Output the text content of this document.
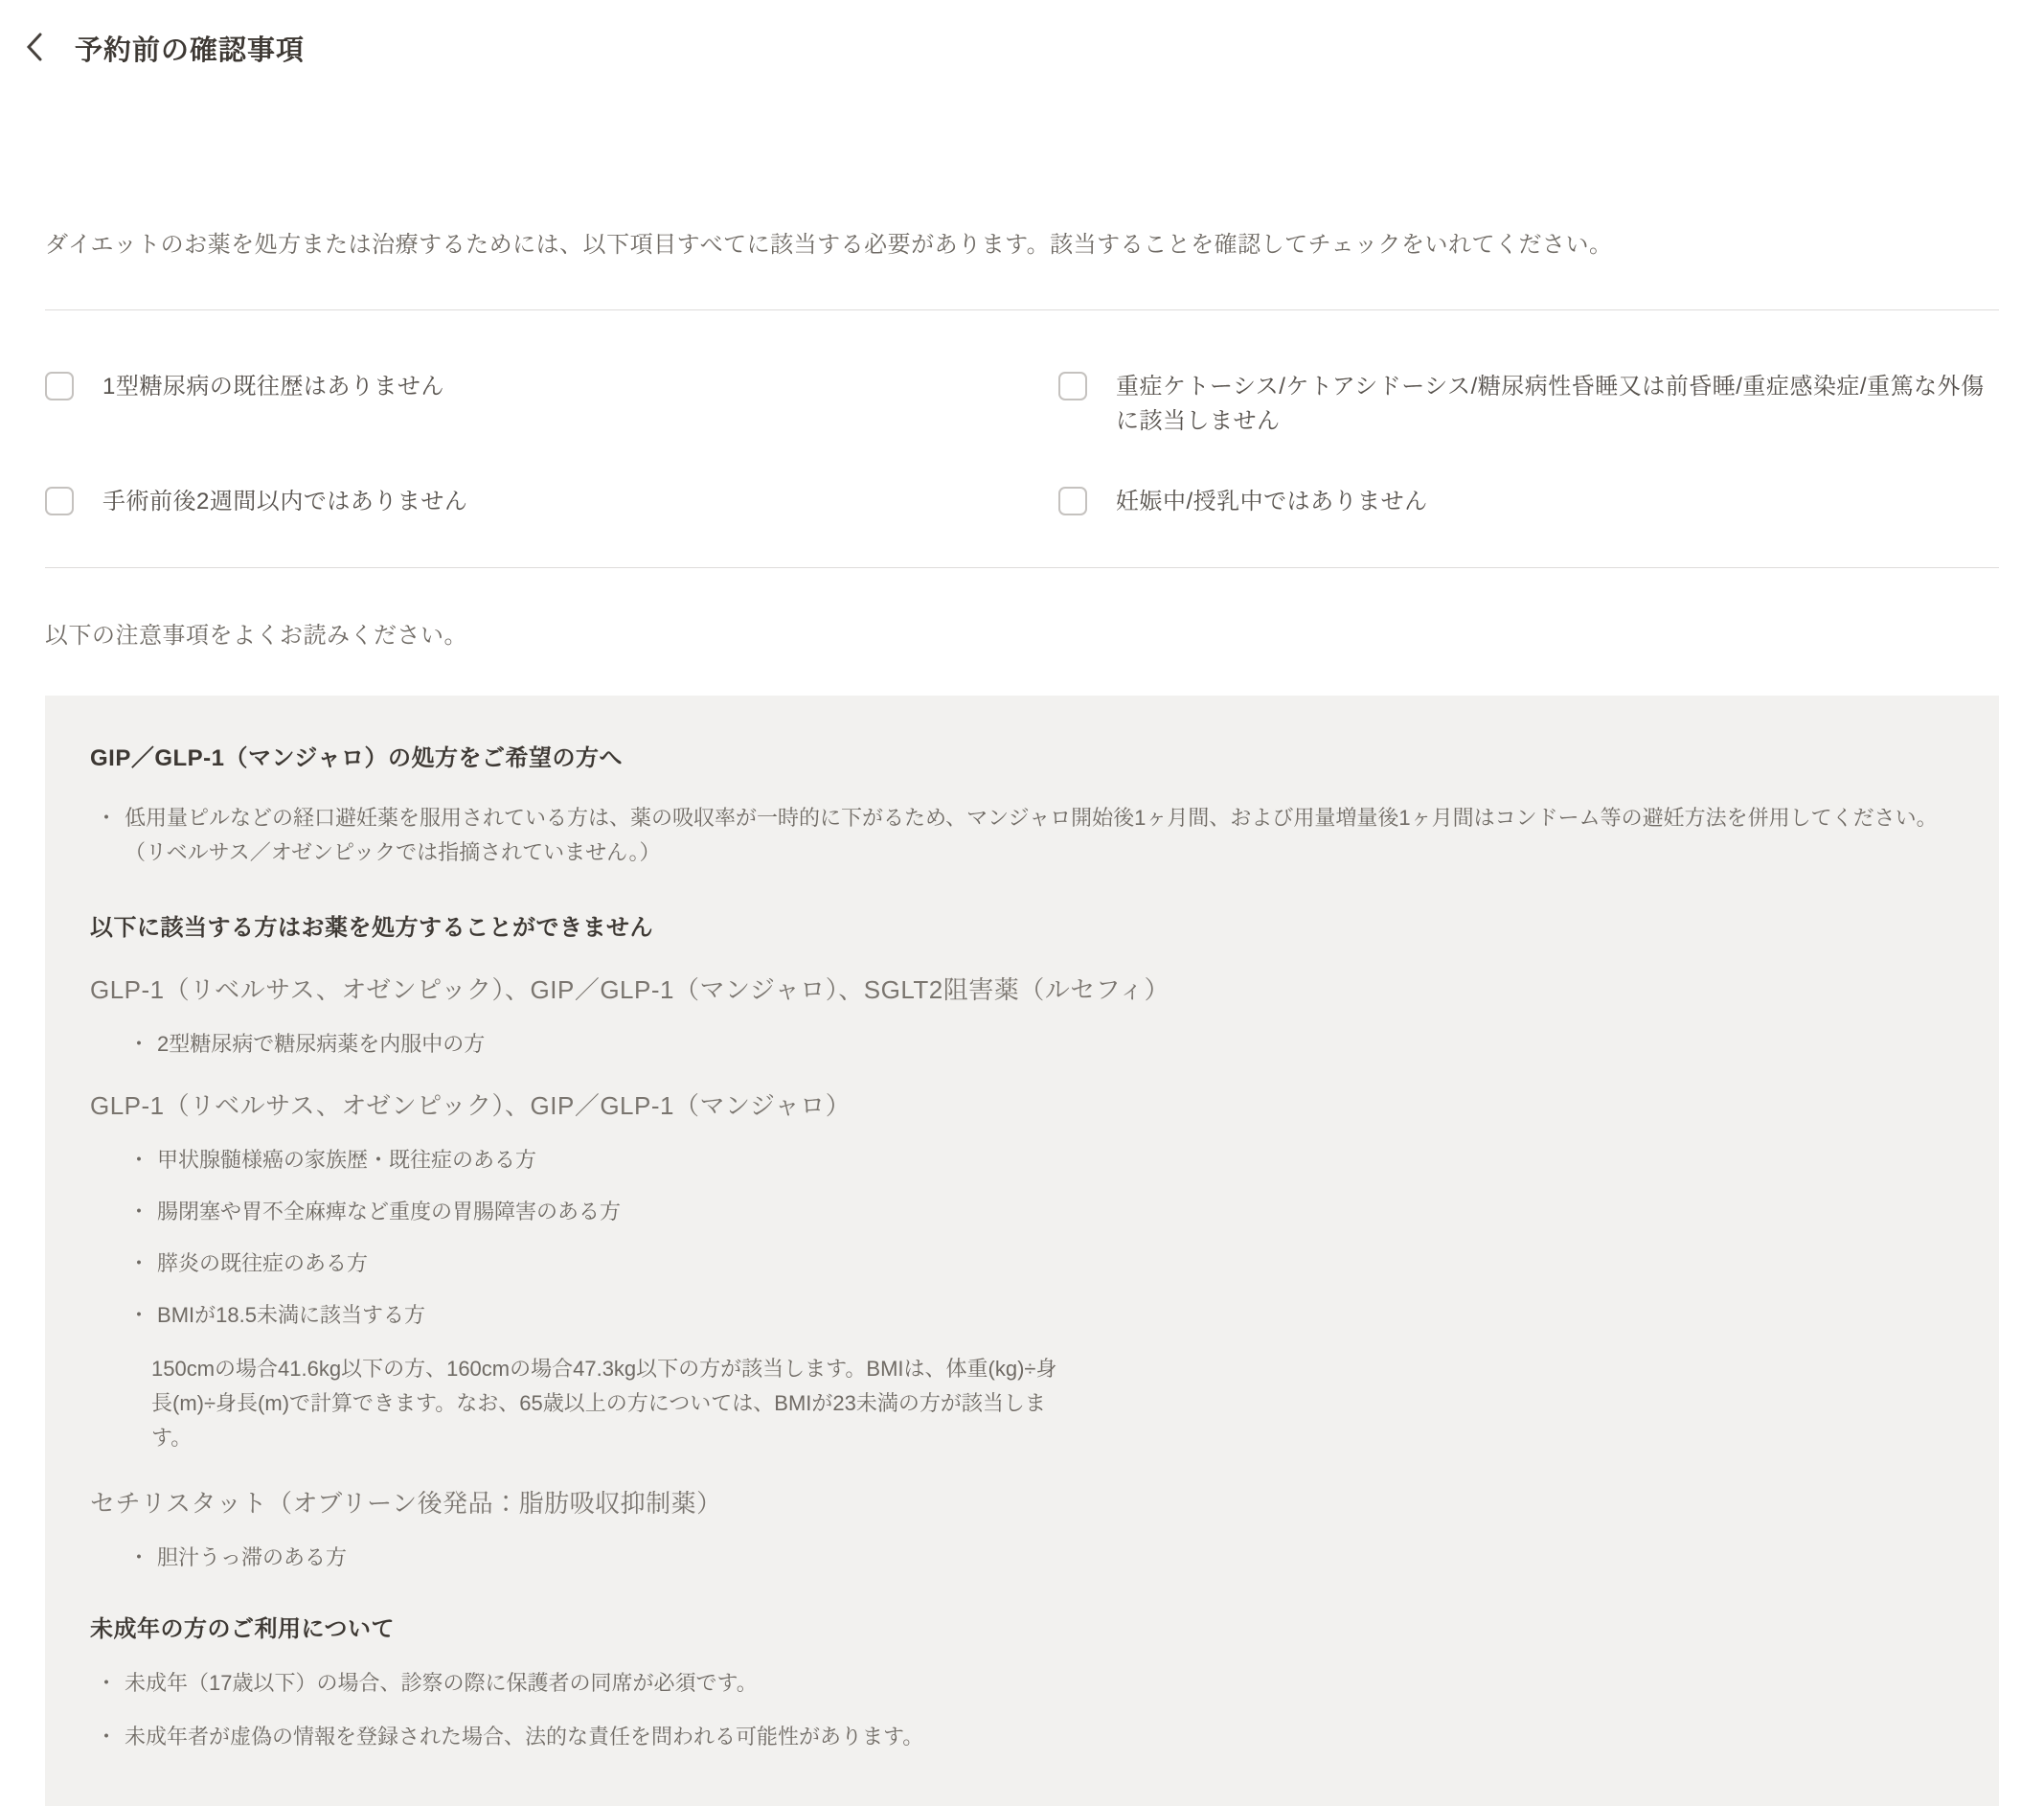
予約前の確認事項

ダイエットのお薬を処方または治療するためには、以下項目すべてに該当する必要があります。該当することを確認してチェックをいれてください。

1型糖尿病の既往歴はありません	重症ケトーシス/ケトアシドーシス/糖尿病性昏睡又は前昏睡/重症感染症/重篤な外傷に該当しません
手術前後2週間以内ではありません	妊娠中/授乳中ではありません

以下の注意事項をよくお読みください。

GIP／GLP-1（マンジャロ）の処方をご希望の方へ
・ 低用量ピルなどの経口避妊薬を服用されている方は、薬の吸収率が一時的に下がるため、マンジャロ開始後1ヶ月間、および用量増量後1ヶ月間はコンドーム等の避妊方法を併用してください。（リベルサス／オゼンピックでは指摘されていません。）
以下に該当する方はお薬を処方することができません

GLP-1（リベルサス、オゼンピック）、GIP／GLP-1（マンジャロ）、SGLT2阻害薬（ルセフィ）

・ 2型糖尿病で糖尿病薬を内服中の方

GLP-1（リベルサス、オゼンピック）、GIP／GLP-1（マンジャロ）

・ 甲状腺髄様癌の家族歴・既往症のある方
・ 腸閉塞や胃不全麻痺など重度の胃腸障害のある方
・ 膵炎の既往症のある方
・ BMIが18.5未満に該当する方

150cmの場合41.6kg以下の方、160cmの場合47.3kg以下の方が該当します。BMIは、体重(kg)÷身長(m)÷身長(m)で計算できます。なお、65歳以上の方については、BMIが23未満の方が該当します。

セチリスタット（オブリーン後発品：脂肪吸収抑制薬）

・ 胆汁うっ滞のある方
未成年の方のご利用について
・ 未成年（17歳以下）の場合、診察の際に保護者の同席が必須です。
・ 未成年者が虚偽の情報を登録された場合、法的な責任を問われる可能性があります。
